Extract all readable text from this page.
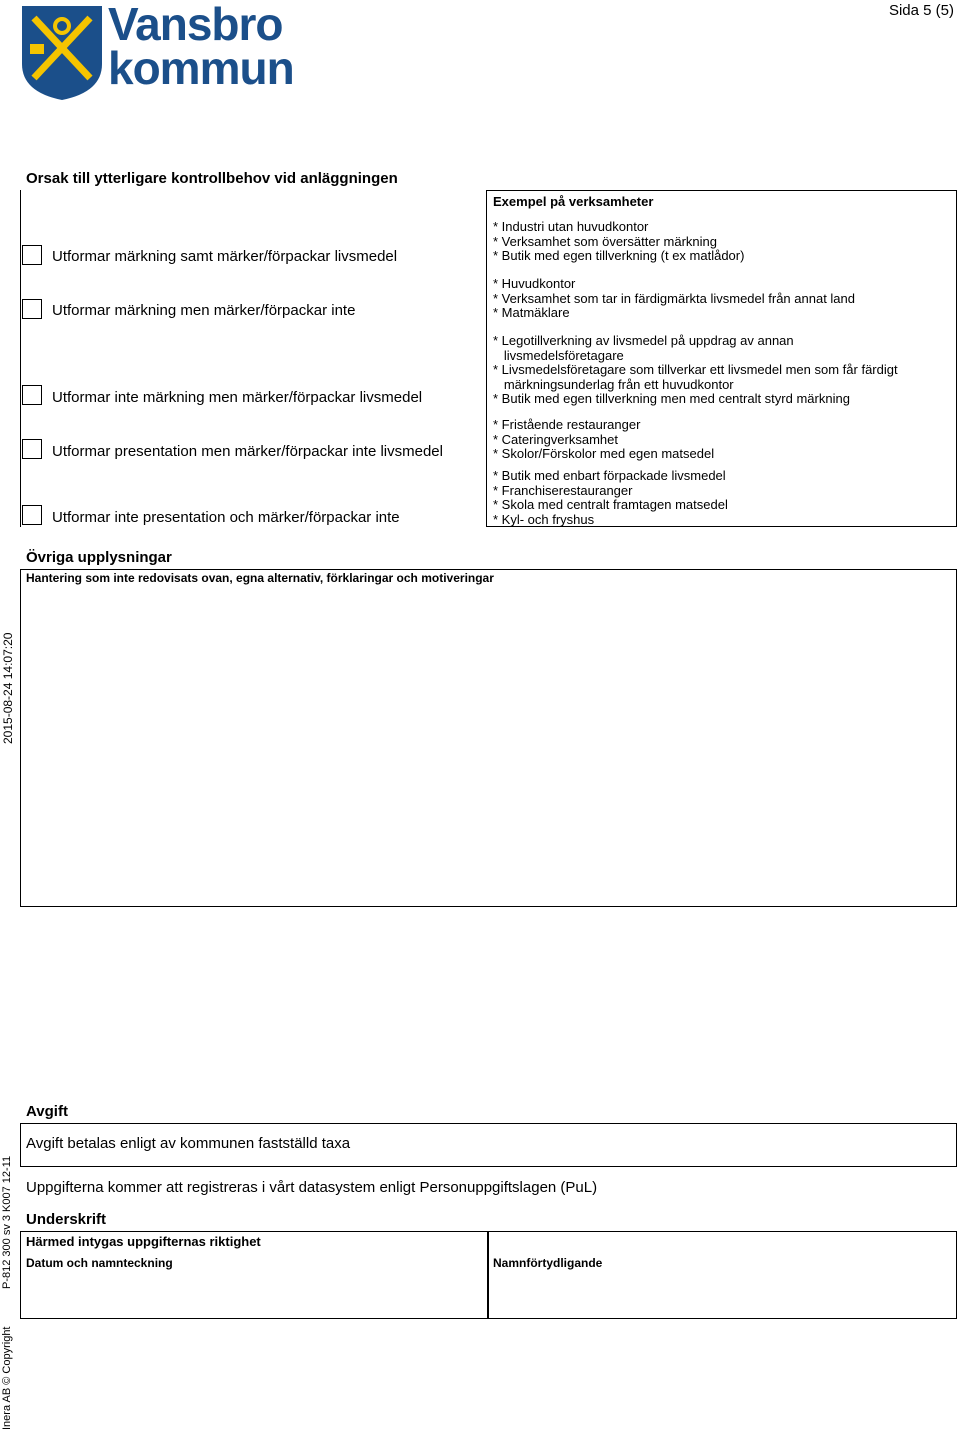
Sida 5 (5)
Vansbro
kommun
Orsak till ytterligare kontrollbehov vid anläggningen
Exempel på verksamheter
Utformar märkning samt märker/förpackar livsmedel
Utformar märkning men märker/förpackar inte
Utformar inte märkning men märker/förpackar livsmedel
Utformar presentation men märker/förpackar inte livsmedel
Utformar inte presentation och märker/förpackar inte
* Industri utan huvudkontor
* Verksamhet som översätter märkning
* Butik med egen tillverkning (t ex matlådor)
* Huvudkontor
* Verksamhet som tar in färdigmärkta livsmedel från annat land
* Matmäklare
* Legotillverkning av livsmedel på uppdrag av annan
livsmedelsföretagare
* Livsmedelsföretagare som tillverkar ett livsmedel men som får färdigt
märkningsunderlag från ett huvudkontor
* Butik med egen tillverkning men med centralt styrd märkning
* Fristående restauranger
* Cateringverksamhet
* Skolor/Förskolor med egen matsedel
* Butik med enbart förpackade livsmedel
* Franchiserestauranger
* Skola med centralt framtagen matsedel
* Kyl- och fryshus
Övriga upplysningar
Hantering som inte redovisats ovan, egna alternativ, förklaringar och motiveringar
Avgift
Avgift betalas enligt av kommunen fastställd taxa
Uppgifterna kommer att registreras i vårt datasystem enligt Personuppgiftslagen (PuL)
Underskrift
Härmed intygas uppgifternas riktighet
Datum och namnteckning	Namnförtydligande
2015-08-24 14:07:20
P-812 300 sv 3 K007 12-11
Inera AB © Copyright
